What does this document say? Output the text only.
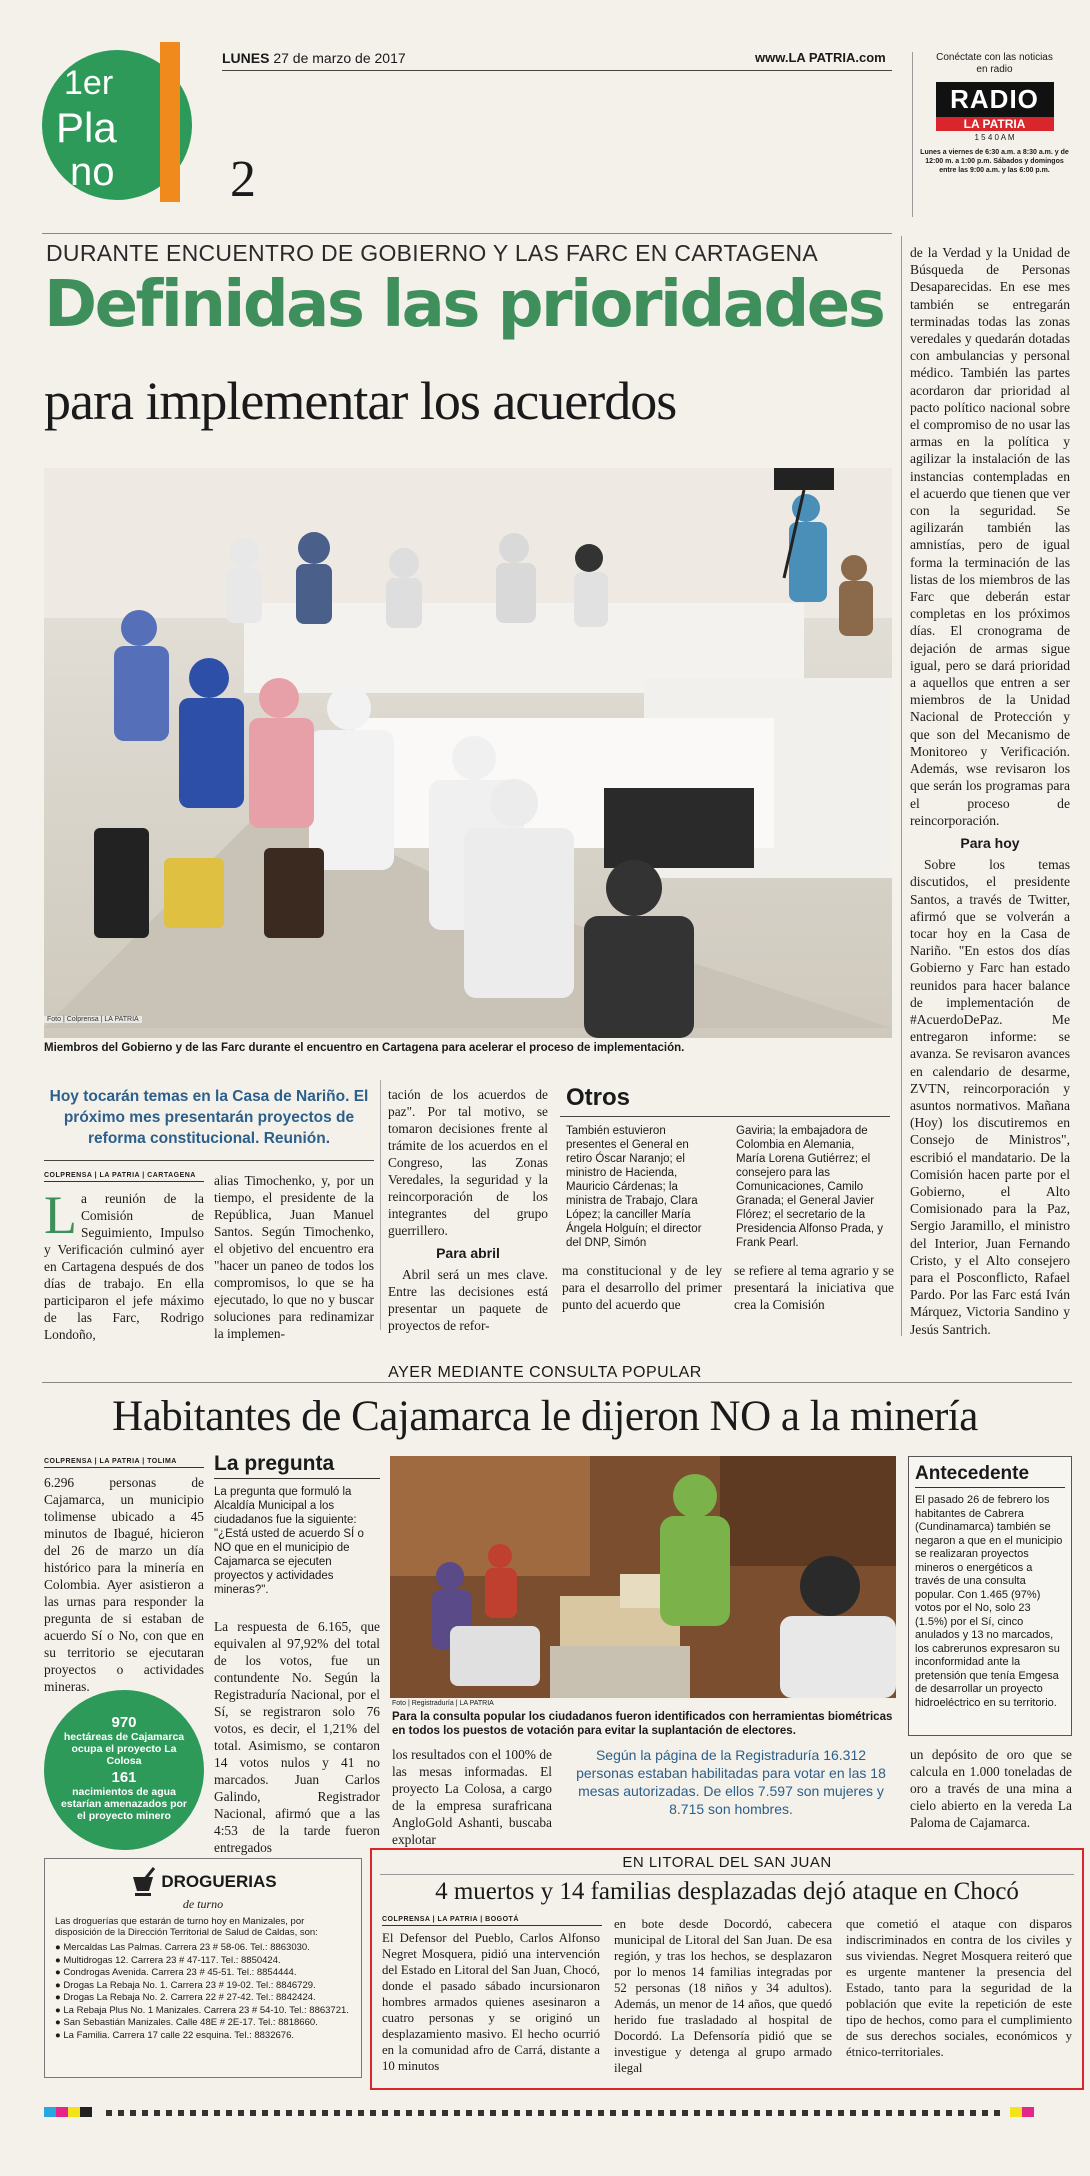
1er
Pla
no 2
LUNES 27 de marzo de 2017	www.LA PATRIA.com	Conéctate con las noticias en radio
RADIO
LA PATRIA
1 5 4 0 A M
Lunes a viernes de 6:30 a.m. a 8:30 a.m. y de 12:00 m. a 1:00 p.m. Sábados y domingos entre las 9:00 a.m. y las 6:00 p.m.
DURANTE ENCUENTRO DE GOBIERNO Y LAS FARC EN CARTAGENA
Definidas las prioridades
para implementar los acuerdos
Foto | Colprensa | LA PATRIA
Miembros del Gobierno y de las Farc durante el encuentro en Cartagena para acelerar el proceso de implementación.

de la Verdad y la Unidad de Búsqueda de Personas Desaparecidas. En ese mes también se entregarán terminadas todas las zonas veredales y quedarán dotadas con ambulancias y personal médico. También las partes acordaron dar prioridad al pacto político nacional sobre el compromiso de no usar las armas en la política y agilizar la instalación de las instancias contempladas en el acuerdo que tienen que ver con la seguridad. Se agilizarán también las amnistías, pero de igual forma la terminación de las listas de los miembros de las Farc que deberán estar completas en los próximos días. El cronograma de dejación de armas sigue igual, pero se dará prioridad a aquellos que entren a ser miembros de la Unidad Nacional de Protección y que son del Mecanismo de Monitoreo y Verificación. Además, wse revisaron los que serán los programas para el proceso de reincorporación.

Para hoy

Sobre los temas discutidos, el presidente Santos, a través de Twitter, afirmó que se volverán a tocar hoy en la Casa de Nariño. "En estos dos días Gobierno y Farc han estado reunidos para hacer balance de implementación de #AcuerdoDePaz. Me entregaron informe: se avanza. Se revisaron avances en calendario de desarme, ZVTN, reincorporación y asuntos normativos. Mañana (Hoy) los discutiremos en Consejo de Ministros", escribió el mandatario. De la Comisión hacen parte por el Gobierno, el Alto Comisionado para la Paz, Sergio Jaramillo, el ministro del Interior, Juan Fernando Cristo, y el Alto consejero para el Posconflicto, Rafael Pardo. Por las Farc está Iván Márquez, Victoria Sandino y Jesús Santrich.

Hoy tocarán temas en la Casa de Nariño. El próximo mes presentarán proyectos de reforma constitucional. Reunión.
COLPRENSA | LA PATRIA | CARTAGENA
L a reunión de la Comisión de Seguimiento, Impulso y Verificación culminó ayer en Cartagena después de dos días de trabajo. En ella participaron el jefe máximo de las Farc, Rodrigo Londoño,
alias Timochenko, y, por un tiempo, el presidente de la República, Juan Manuel Santos. Según Timochenko, el objetivo del encuentro era "hacer un paneo de todos los compromisos, lo que se ha ejecutado, lo que no y buscar soluciones para redinamizar la implemen-

tación de los acuerdos de paz". Por tal motivo, se tomaron decisiones frente al trámite de los acuerdos en el Congreso, las Zonas Veredales, la seguridad y la reincorporación de los integrantes del grupo guerrillero.

Para abril

Abril será un mes clave. Entre las decisiones está presentar un paquete de proyectos de refor-

Otros
También estuvieron presentes el General en retiro Óscar Naranjo; el ministro de Hacienda, Mauricio Cárdenas; la ministra de Trabajo, Clara López; la canciller María Ángela Holguín; el director del DNP, Simón
Gaviria; la embajadora de Colombia en Alemania, María Lorena Gutiérrez; el consejero para las Comunicaciones, Camilo Granada; el General Javier Flórez; el secretario de la Presidencia Alfonso Prada, y Frank Pearl.
ma constitucional y de ley para el desarrollo del primer punto del acuerdo que
se refiere al tema agrario y se presentará la iniciativa que crea la Comisión
AYER MEDIANTE CONSULTA POPULAR
Habitantes de Cajamarca le dijeron NO a la minería
COLPRENSA | LA PATRIA | TOLIMA
6.296 personas de Cajamarca, un municipio tolimense ubicado a 45 minutos de Ibagué, hicieron del 26 de marzo un día histórico para la minería en Colombia. Ayer asistieron a las urnas para responder la pregunta de si estaban de acuerdo Sí o No, con que en su territorio se ejecutaran proyectos o actividades mineras.
970
hectáreas de Cajamarca ocupa el proyecto La Colosa
161
nacimientos de agua estarían amenazados por el proyecto minero
La pregunta
La pregunta que formuló la Alcaldía Municipal a los ciudadanos fue la siguiente: "¿Está usted de acuerdo SÍ o NO que en el municipio de Cajamarca se ejecuten proyectos y actividades mineras?".
La respuesta de 6.165, que equivalen al 97,92% del total de los votos, fue un contundente No. Según la Registraduría Nacional, por el Sí, se registraron solo 76 votos, es decir, el 1,21% del total. Asimismo, se contaron 14 votos nulos y 41 no marcados. Juan Carlos Galindo, Registrador Nacional, afirmó que a las 4:53 de la tarde fueron entregados
Foto | Registraduría | LA PATRIA
Para la consulta popular los ciudadanos fueron identificados con herramientas biométricas en todos los puestos de votación para evitar la suplantación de electores.
los resultados con el 100% de las mesas informadas. El proyecto La Colosa, a cargo de la empresa surafricana AngloGold Ashanti, buscaba explotar
Según la página de la Registraduría 16.312 personas estaban habilitadas para votar en las 18 mesas autorizadas. De ellos 7.597 son mujeres y 8.715 son hombres.
Antecedente
El pasado 26 de febrero los habitantes de Cabrera (Cundinamarca) también se negaron a que en el municipio se realizaran proyectos mineros o energéticos a través de una consulta popular. Con 1.465 (97%) votos por el No, solo 23 (1.5%) por el Sí, cinco anulados y 13 no marcados, los cabrerunos expresaron su inconformidad ante la pretensión que tenía Emgesa de desarrollar un proyecto hidroeléctrico en su territorio.
un depósito de oro que se calcula en 1.000 toneladas de oro a través de una mina a cielo abierto en la vereda La Paloma de Cajamarca.
DROGUERIAS
de turno
Las droguerías que estarán de turno hoy en Manizales, por disposición de la Dirección Territorial de Salud de Caldas, son:
● Mercaldas Las Palmas. Carrera 23 # 58-06. Tel.: 8863030.
● Multidrogas 12. Carrera 23 # 47-117. Tel.: 8850424.
● Condrogas Avenida. Carrera 23 # 45-51. Tel.: 8854444.
● Drogas La Rebaja No. 1. Carrera 23 # 19-02. Tel.: 8846729.
● Drogas La Rebaja No. 2. Carrera 22 # 27-42. Tel.: 8842424.
● La Rebaja Plus No. 1 Manizales. Carrera 23 # 54-10. Tel.: 8863721.
● San Sebastián Manizales. Calle 48E # 2E-17. Tel.: 8818660.
● La Familia. Carrera 17 calle 22 esquina. Tel.: 8832676.
EN LITORAL DEL SAN JUAN
4 muertos y 14 familias desplazadas dejó ataque en Chocó
COLPRENSA | LA PATRIA | BOGOTÁ
El Defensor del Pueblo, Carlos Alfonso Negret Mosquera, pidió una intervención del Estado en Litoral del San Juan, Chocó, donde el pasado sábado incursionaron hombres armados quienes asesinaron a cuatro personas y se originó un desplazamiento masivo. El hecho ocurrió en la comunidad afro de Carrá, distante a 10 minutos
en bote desde Docordó, cabecera municipal de Litoral del San Juan. De esa región, y tras los hechos, se desplazaron por lo menos 14 familias integradas por 52 personas (18 niños y 34 adultos). Además, un menor de 14 años, que quedó herido fue trasladado al hospital de Docordó. La Defensoría pidió que se investigue y detenga al grupo armado ilegal
que cometió el ataque con disparos indiscriminados en contra de los civiles y sus viviendas. Negret Mosquera reiteró que es urgente mantener la presencia del Estado, tanto para la seguridad de la población que evite la repetición de este tipo de hechos, como para el cumplimiento de sus derechos sociales, económicos y étnico-territoriales.
